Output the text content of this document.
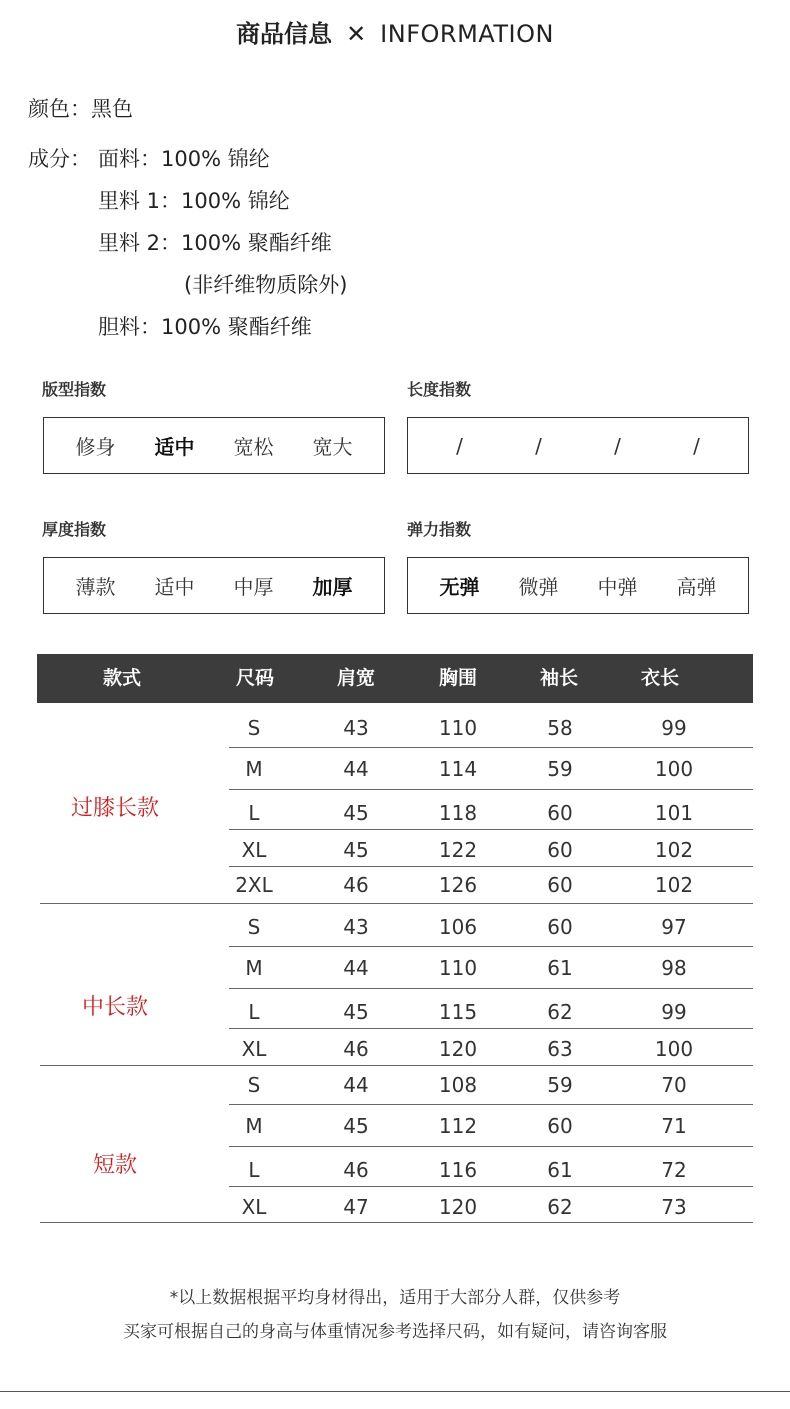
商品信息 ✕ INFORMATION
颜色：黑色
成分： 面料：100% 锦纶
里料 1：100% 锦纶
里料 2：100% 聚酯纤维
(非纤维物质除外)
胆料：100% 聚酯纤维
版型指数
修身 适中 宽松 宽大
长度指数
/	/	/	/
厚度指数
薄款 适中 中厚 加厚
弹力指数
无弹 微弹 中弹 高弹
款式	尺码	肩宽	胸围	袖长	衣长
过膝长款
S	43	110	58	99
M	44	114	59	100
L	45	118	60	101
XL	45	122	60	102
2XL	46	126	60	102
中长款
S	43	106	60	97
M	44	110	61	98
L	45	115	62	99
XL	46	120	63	100
短款
S	44	108	59	70
M	45	112	60	71
L	46	116	61	72
XL	47	120	62	73
*以上数据根据平均身材得出，适用于大部分人群，仅供参考
买家可根据自己的身高与体重情况参考选择尺码，如有疑问，请咨询客服
